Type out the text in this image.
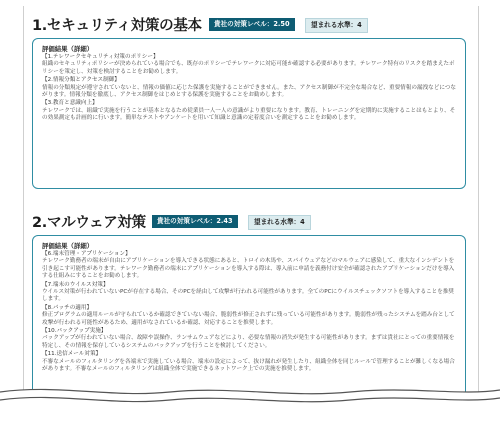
1.セキュリティ対策の基本	貴社の対策レベル：2.50	望まれる水準：4
評価結果（詳細）
【1.テレワークセキュリティ対策のポリシー】
組織のセキュリティポリシーが決められている場合でも、既存のポリシーでテレワークに対応可能か確認する必要があります。テレワーク特有のリスクを踏まえたポリシーを策定し、対策を検討することをお勧めします。
【2.情報分類とアクセス制御】
情報の分類規定が遵守されていないと、情報の価値に応じた保護を実施することができません。また、アクセス制御が不完全な場合など、重要情報の漏洩などにつながります。情報分類を徹底し、アクセス制御をはじめとする保護を実施することをお勧めします。
【3.教育と意識向上】
テレワークでは、組織で実施を行うことが基本となるため従業員一人一人の意識がより重要になります。教育、トレーニングを定期的に実施することはもとより、その効果測定も計画的に行います。簡単なテストやアンケートを用いて知識と意識の定着度合いを測定することをお勧めします。
2.マルウェア対策	貴社の対策レベル：2.43	望まれる水準：4
評価結果（詳細）
【6.端末管理・アプリケーション】
テレワーク勤務者の端末が自由にアプリケーションを導入できる状態にあると、トロイの木馬や、スパイウェアなどのマルウェアに感染して、重大なインシデントを引き起こす可能性があります。テレワーク勤務者の端末にアプリケーションを導入する際は、導入前に申請を義務付け安全が確認されたアプリケーションだけを導入する仕組みにすることをお勧めします。
【7.端末のウイルス対策】
ウイルス対策が行われていないPCが存在する場合、そのPCを経由して攻撃が行われる可能性があります。全てのPCにウイルスチェックソフトを導入することを推奨します。
【8.パッチの適用】
修正プログラムの適用ルールが守られているか確認できていない場合、脆弱性が修正されずに残っている可能性があります。脆弱性が残ったシステムを踏み台として攻撃が行われる可能性があるため、適用がなされているか確認、対応することを推奨します。
【10.バックアップ実施】
バックアップが行われていない場合、故障や誤操作、ランサムウェアなどにより、必要な情報の消失が発生する可能性があります。まずは貴社にとっての重要情報を特定し、その情報を保存しているシステムのバックアップを行うことを検討してください。
【11.送信メール対策】
不審なメールのフィルタリングを各端末で実施している場合、端末の設定によって、抜け漏れが発生したり、組織全体を同じルールで管理することが難しくなる場合があります。不審なメールのフィルタリングは組織全体で実施できるネットワーク上での実施を推奨します。
